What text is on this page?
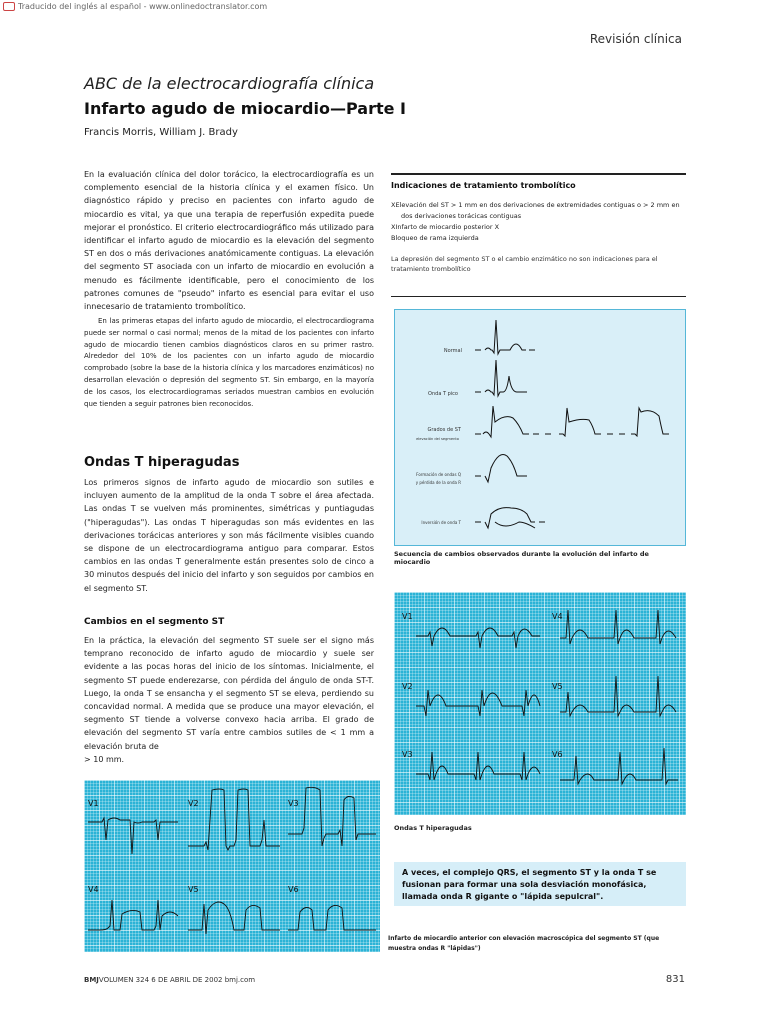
Traducido del inglés al español - www.onlinedoctranslator.com
Revisión clínica
ABC de la electrocardiografía clínica
Infarto agudo de miocardio—Parte I
Francis Morris, William J. Brady
En la evaluación clínica del dolor torácico, la electrocardiografía es un complemento esencial de la historia clínica y el examen físico. Un diagnóstico rápido y preciso en pacientes con infarto agudo de miocardio es vital, ya que una terapia de reperfusión expedita puede mejorar el pronóstico. El criterio electrocardiográfico más utilizado para identificar el infarto agudo de miocardio es la elevación del segmento ST en dos o más derivaciones anatómicamente contiguas. La elevación del segmento ST asociada con un infarto de miocardio en evolución a menudo es fácilmente identificable, pero el conocimiento de los patrones comunes de "pseudo" infarto es esencial para evitar el uso innecesario de tratamiento trombolítico.
En las primeras etapas del infarto agudo de miocardio, el electrocardiograma puede ser normal o casi normal; menos de la mitad de los pacientes con infarto agudo de miocardio tienen cambios diagnósticos claros en su primer rastro. Alrededor del 10% de los pacientes con un infarto agudo de miocardio comprobado (sobre la base de la historia clínica y los marcadores enzimáticos) no desarrollan elevación o depresión del segmento ST. Sin embargo, en la mayoría de los casos, los electrocardiogramas seriados muestran cambios en evolución que tienden a seguir patrones bien reconocidos.
Ondas T hiperagudas
Los primeros signos de infarto agudo de miocardio son sutiles e incluyen aumento de la amplitud de la onda T sobre el área afectada. Las ondas T se vuelven más prominentes, simétricas y puntiagudas ("hiperagudas"). Las ondas T hiperagudas son más evidentes en las derivaciones torácicas anteriores y son más fácilmente visibles cuando se dispone de un electrocardiograma antiguo para comparar. Estos cambios en las ondas T generalmente están presentes solo de cinco a 30 minutos después del inicio del infarto y son seguidos por cambios en el segmento ST.
Cambios en el segmento ST
En la práctica, la elevación del segmento ST suele ser el signo más temprano reconocido de infarto agudo de miocardio y suele ser evidente a las pocas horas del inicio de los síntomas. Inicialmente, el segmento ST puede enderezarse, con pérdida del ángulo de onda ST-T. Luego, la onda T se ensancha y el segmento ST se eleva, perdiendo su concavidad normal. A medida que se produce una mayor elevación, el segmento ST tiende a volverse convexo hacia arriba. El grado de elevación del segmento ST varía entre cambios sutiles de < 1 mm a elevación bruta de
> 10 mm.
Indicaciones de tratamiento trombolítico
XElevación del ST > 1 mm en dos derivaciones de extremidades contiguas o > 2 mm en
dos derivaciones torácicas contiguas
XInfarto de miocardio posterior X
Bloqueo de rama izquierda
La depresión del segmento ST o el cambio enzimático no son indicaciones para el tratamiento trombolítico
Normal
Onda T pico
Grados de ST
elevación del segmento
Formación de ondas Q
y pérdida de la onda R
Inversión de onda T
Secuencia de cambios observados durante la evolución del infarto de miocardio
V1	V4
V2	V5
V3	V6
Ondas T hiperagudas
A veces, el complejo QRS, el segmento ST y la onda T se fusionan para formar una sola desviación monofásica, llamada onda R gigante o "lápida sepulcral".
V1	V2	V3
V4	V5	V6
Infarto de miocardio anterior con elevación macroscópica del segmento ST (que muestra ondas R "lápidas")
BMJVOLUMEN 324 6 DE ABRIL DE 2002 bmj.com	831
